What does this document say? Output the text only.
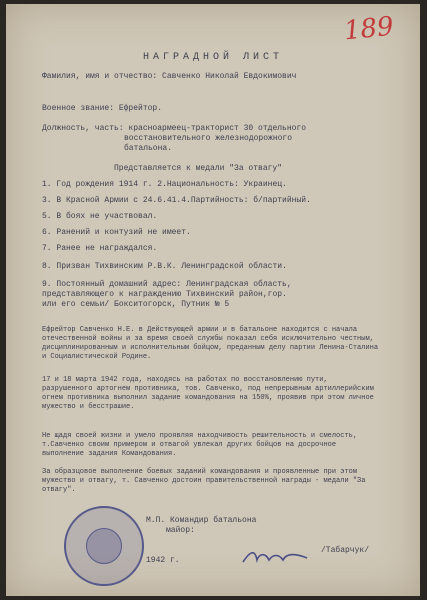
189
НАГРАДНОЙ ЛИСТ
Фамилия, имя и отчество: Савченко Николай Евдокимович
Военное звание: Ефрейтор.
Должность, часть: красноармеец-тракторист 30 отдельного
восстановительного железнодорожного
батальона.
Представляется к медали "За отвагу"
1. Год рождения 1914 г. 2.Национальность: Украинец.
3. В Красной Армии с 24.6.41.4.Партийность: б/партийный.
5. В боях не участвовал.
6. Ранений и контузий не имеет.
7. Ранее не награждался.
8. Призван Тихвинским Р.В.К. Ленинградской области.
9. Постоянный домашний адрес: Ленинградская область,
представляющего к награждению Тихвинский район,гор.
или его семьи/ Бокситогорск, Путник № 5
Ефрейтор Савченко Н.Е. в Действующей армии и в батальоне находится с начала отечественной войны и за время своей службы показал себя исключительно честным, дисциплинированным и исполнительным бойцом, преданным делу партии Ленина-Сталина и Социалистической Родине.
17 и 18 марта 1942 года, находясь на работах по восстановлению пути, разрушенного артогнем противника, тов. Савченко, под непрерывным артиллерийским огнем противника выполнил задание командования на 150%, проявив при этом личное мужество и бесстрашие.
Не щадя своей жизни и умело проявляя находчивость решительность и смелость, т.Савченко своим примером и отвагой увлекал других бойцов на досрочное выполнение задания Командования.
За образцовое выполнение боевых заданий командования и проявленные при этом мужество и отвагу, т. Савченко достоин правительственной награды - медали "За отвагу".
М.П. Командир батальона
майор:
1942 г.
/Табарчук/
